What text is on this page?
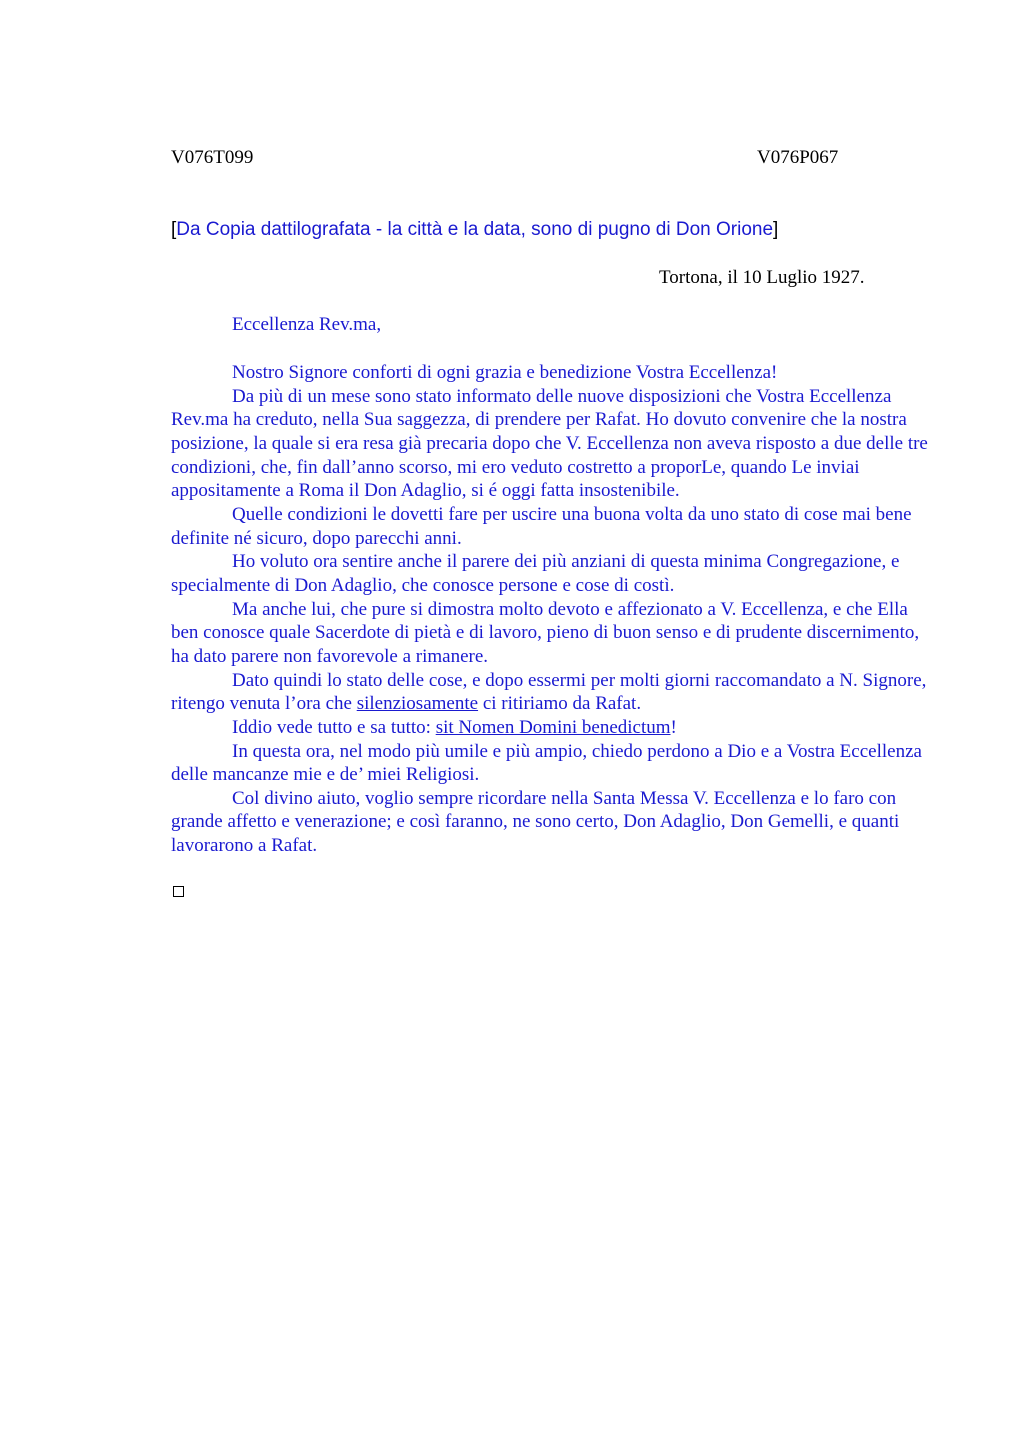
V076T099	V076P067
[Da Copia dattilografata - la città e la data, sono di pugno di Don Orione]
Tortona, il 10 Luglio 1927.
Eccellenza Rev.ma,

Nostro Signore conforti di ogni grazia e benedizione Vostra Eccellenza!

Da più di un mese sono stato informato delle nuove disposizioni che Vostra Eccellenza Rev.ma ha creduto, nella Sua saggezza, di prendere per Rafat. Ho dovuto convenire che la nostra posizione, la quale si era resa già precaria dopo che V. Eccellenza non aveva risposto a due delle tre condizioni, che, fin dall’anno scorso, mi ero veduto costretto a proporLe, quando Le inviai appositamente a Roma il Don Adaglio, si é oggi fatta insostenibile.

Quelle condizioni le dovetti fare per uscire una buona volta da uno stato di cose mai bene definite né sicuro, dopo parecchi anni.

Ho voluto ora sentire anche il parere dei più anziani di questa minima Congregazione, e specialmente di Don Adaglio, che conosce persone e cose di costì.

Ma anche lui, che pure si dimostra molto devoto e affezionato a V. Eccellenza, e che Ella ben conosce quale Sacerdote di pietà e di lavoro, pieno di buon senso e di prudente discernimento, ha dato parere non favorevole a rimanere.

Dato quindi lo stato delle cose, e dopo essermi per molti giorni raccomandato a N. Signore, ritengo venuta l’ora che silenziosamente ci ritiriamo da Rafat.

Iddio vede tutto e sa tutto: sit Nomen Domini benedictum!

In questa ora, nel modo più umile e più ampio, chiedo perdono a Dio e a Vostra Eccellenza delle mancanze mie e de’ miei Religiosi.

Col divino aiuto, voglio sempre ricordare nella Santa Messa V. Eccellenza e lo faro con grande affetto e venerazione; e così faranno, ne sono certo, Don Adaglio, Don Gemelli, e quanti lavorarono a Rafat.
